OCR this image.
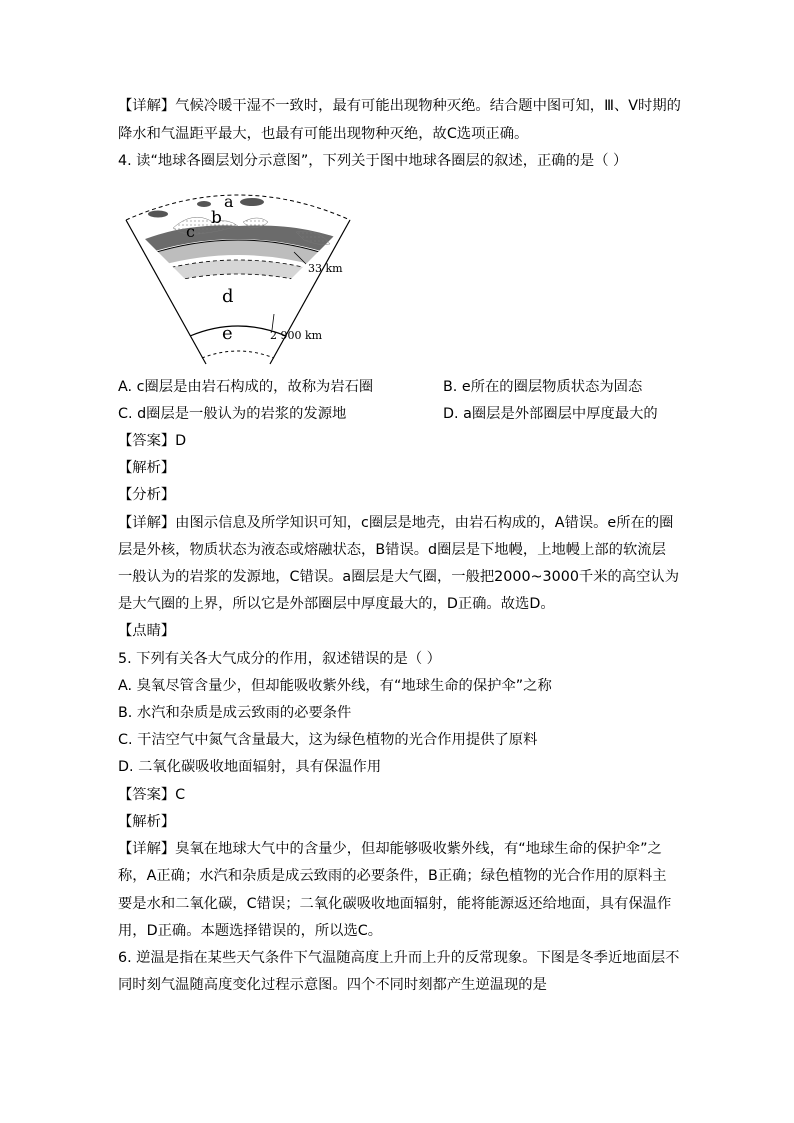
【详解】气候冷暖干湿不一致时，最有可能出现物种灭绝。结合题中图可知，Ⅲ、Ⅴ时期的
降水和气温距平最大，也最有可能出现物种灭绝，故C选项正确。
4. 读“地球各圈层划分示意图”，下列关于图中地球各圈层的叙述，正确的是（ ）
a
b
c
d
e
33 km
2 900 km
A. c圈层是由岩石构成的，故称为岩石圈	B. e所在的圈层物质状态为固态
C. d圈层是一般认为的岩浆的发源地	D. a圈层是外部圈层中厚度最大的
【答案】D
【解析】
【分析】
【详解】由图示信息及所学知识可知，c圈层是地壳，由岩石构成的，A错误。e所在的圈
层是外核，物质状态为液态或熔融状态，B错误。d圈层是下地幔，上地幔上部的软流层
一般认为的岩浆的发源地，C错误。a圈层是大气圈，一般把2000~3000千米的高空认为
是大气圈的上界，所以它是外部圈层中厚度最大的，D正确。故选D。
【点睛】
5. 下列有关各大气成分的作用，叙述错误的是（ ）
A. 臭氧尽管含量少，但却能吸收紫外线，有“地球生命的保护伞”之称
B. 水汽和杂质是成云致雨的必要条件
C. 干洁空气中氮气含量最大，这为绿色植物的光合作用提供了原料
D. 二氧化碳吸收地面辐射，具有保温作用
【答案】C
【解析】
【详解】臭氧在地球大气中的含量少，但却能够吸收紫外线，有“地球生命的保护伞”之
称，A正确；水汽和杂质是成云致雨的必要条件，B正确；绿色植物的光合作用的原料主
要是水和二氧化碳，C错误；二氧化碳吸收地面辐射，能将能源返还给地面，具有保温作
用，D正确。本题选择错误的，所以选C。
6. 逆温是指在某些天气条件下气温随高度上升而上升的反常现象。下图是冬季近地面层不
同时刻气温随高度变化过程示意图。四个不同时刻都产生逆温现的是
